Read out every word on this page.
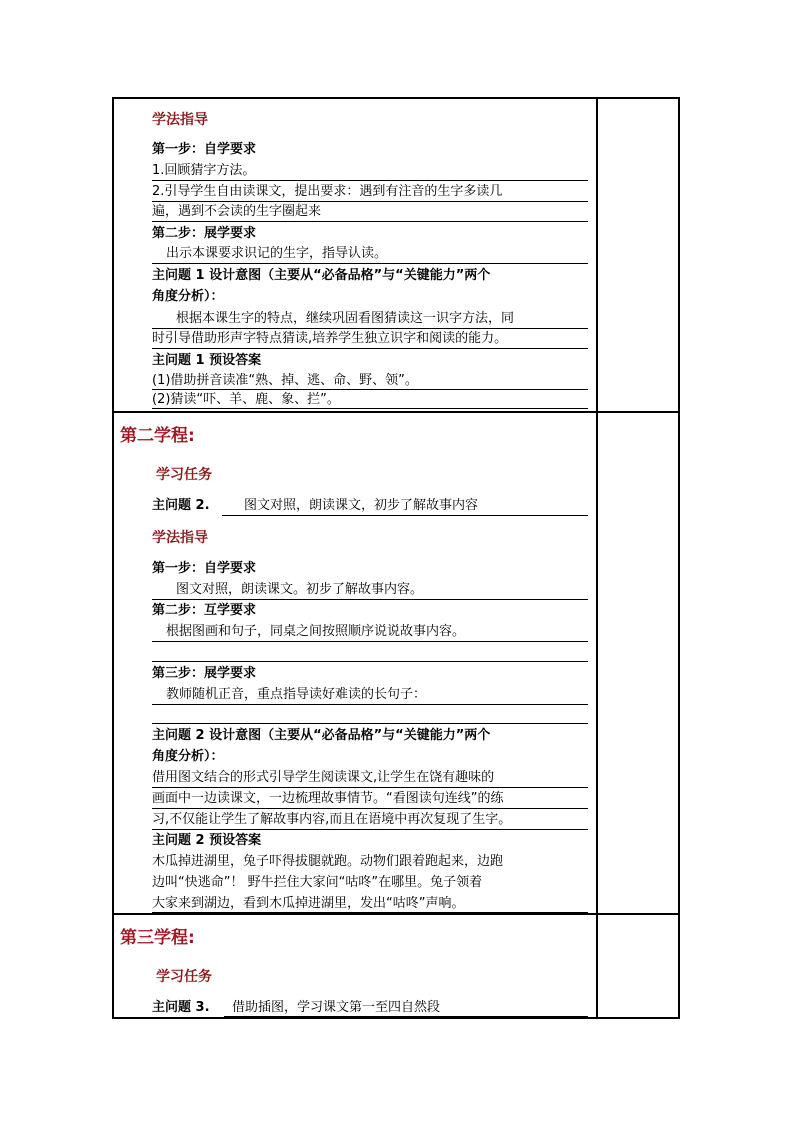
学法指导
第一步：自学要求
1.回顾猜字方法。
2.引导学生自由读课文，提出要求：遇到有注音的生字多读几
遍，遇到不会读的生字圈起来
第二步：展学要求
出示本课要求识记的生字，指导认读。
主问题 1 设计意图（主要从“必备品格”与“关键能力”两个
角度分析）：
根据本课生字的特点，继续巩固看图猜读这一识字方法，同
时引导借助形声字特点猜读,培养学生独立识字和阅读的能力。
主问题 1 预设答案
(1)借助拼音读准“熟、掉、逃、命、野、领”。
(2)猜读“吓、羊、鹿、象、拦”。
第二学程:
学习任务
主问题 2.	图文对照，朗读课文，初步了解故事内容
学法指导
第一步：自学要求
图文对照，朗读课文。初步了解故事内容。
第二步：互学要求
根据图画和句子，同桌之间按照顺序说说故事内容。
第三步：展学要求
教师随机正音，重点指导读好难读的长句子：
主问题 2 设计意图（主要从“必备品格”与“关键能力”两个
角度分析）：
借用图文结合的形式引导学生阅读课文,让学生在饶有趣味的
画面中一边读课文，一边梳理故事情节。“看图读句连线”的练
习,不仅能让学生了解故事内容,而且在语境中再次复现了生字。
主问题 2 预设答案
木瓜掉进湖里，兔子吓得拔腿就跑。动物们跟着跑起来，边跑
边叫“快逃命”！ 野牛拦住大家问“咕咚”在哪里。兔子领着
大家来到湖边，看到木瓜掉进湖里，发出“咕咚”声响。
第三学程:
学习任务
主问题 3. 借助插图，学习课文第一至四自然段
